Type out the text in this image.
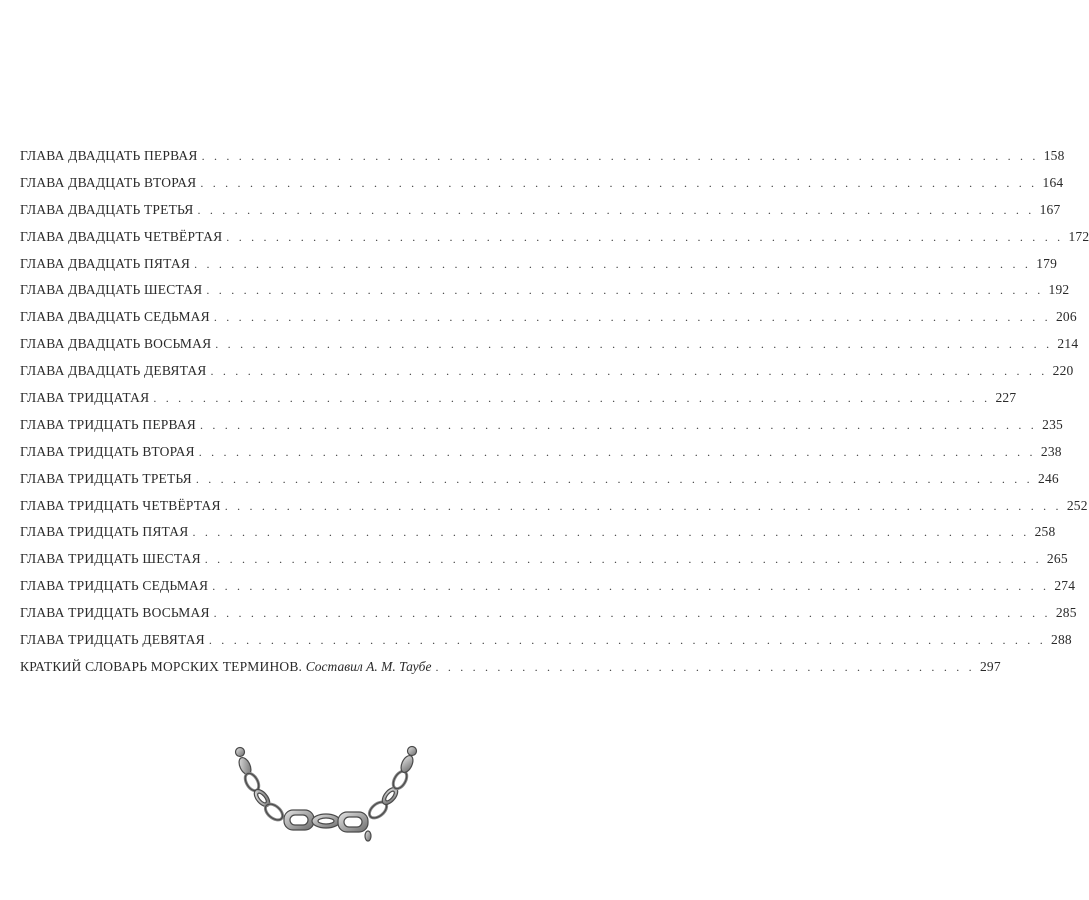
ГЛАВА ДВАДЦАТЬ ПЕРВАЯ . . . . . . . . . . . . . . . . . . . . . . . . . . . . . . . . . . . . . . . . . . . . . . . . . . . . . . . . . . . . . . . . . . . . 158
ГЛАВА ДВАДЦАТЬ ВТОРАЯ . . . . . . . . . . . . . . . . . . . . . . . . . . . . . . . . . . . . . . . . . . . . . . . . . . . . . . . . . . . . . . . . . . . . 164
ГЛАВА ДВАДЦАТЬ ТРЕТЬЯ . . . . . . . . . . . . . . . . . . . . . . . . . . . . . . . . . . . . . . . . . . . . . . . . . . . . . . . . . . . . . . . . . . . . 167
ГЛАВА ДВАДЦАТЬ ЧЕТВЁРТАЯ . . . . . . . . . . . . . . . . . . . . . . . . . . . . . . . . . . . . . . . . . . . . . . . . . . . . . . . . . . . . . . . . . . . . 172
ГЛАВА ДВАДЦАТЬ ПЯТАЯ . . . . . . . . . . . . . . . . . . . . . . . . . . . . . . . . . . . . . . . . . . . . . . . . . . . . . . . . . . . . . . . . . . . . 179
ГЛАВА ДВАДЦАТЬ ШЕСТАЯ . . . . . . . . . . . . . . . . . . . . . . . . . . . . . . . . . . . . . . . . . . . . . . . . . . . . . . . . . . . . . . . . . . . . 192
ГЛАВА ДВАДЦАТЬ СЕДЬМАЯ . . . . . . . . . . . . . . . . . . . . . . . . . . . . . . . . . . . . . . . . . . . . . . . . . . . . . . . . . . . . . . . . . . . . 206
ГЛАВА ДВАДЦАТЬ ВОСЬМАЯ . . . . . . . . . . . . . . . . . . . . . . . . . . . . . . . . . . . . . . . . . . . . . . . . . . . . . . . . . . . . . . . . . . . . 214
ГЛАВА ДВАДЦАТЬ ДЕВЯТАЯ . . . . . . . . . . . . . . . . . . . . . . . . . . . . . . . . . . . . . . . . . . . . . . . . . . . . . . . . . . . . . . . . . . . . 220
ГЛАВА ТРИДЦАТАЯ . . . . . . . . . . . . . . . . . . . . . . . . . . . . . . . . . . . . . . . . . . . . . . . . . . . . . . . . . . . . . . . . . . . . 227
ГЛАВА ТРИДЦАТЬ ПЕРВАЯ . . . . . . . . . . . . . . . . . . . . . . . . . . . . . . . . . . . . . . . . . . . . . . . . . . . . . . . . . . . . . . . . . . . . 235
ГЛАВА ТРИДЦАТЬ ВТОРАЯ . . . . . . . . . . . . . . . . . . . . . . . . . . . . . . . . . . . . . . . . . . . . . . . . . . . . . . . . . . . . . . . . . . . . 238
ГЛАВА ТРИДЦАТЬ ТРЕТЬЯ . . . . . . . . . . . . . . . . . . . . . . . . . . . . . . . . . . . . . . . . . . . . . . . . . . . . . . . . . . . . . . . . . . . . 246
ГЛАВА ТРИДЦАТЬ ЧЕТВЁРТАЯ . . . . . . . . . . . . . . . . . . . . . . . . . . . . . . . . . . . . . . . . . . . . . . . . . . . . . . . . . . . . . . . . . . . . 252
ГЛАВА ТРИДЦАТЬ ПЯТАЯ . . . . . . . . . . . . . . . . . . . . . . . . . . . . . . . . . . . . . . . . . . . . . . . . . . . . . . . . . . . . . . . . . . . . 258
ГЛАВА ТРИДЦАТЬ ШЕСТАЯ . . . . . . . . . . . . . . . . . . . . . . . . . . . . . . . . . . . . . . . . . . . . . . . . . . . . . . . . . . . . . . . . . . . . 265
ГЛАВА ТРИДЦАТЬ СЕДЬМАЯ . . . . . . . . . . . . . . . . . . . . . . . . . . . . . . . . . . . . . . . . . . . . . . . . . . . . . . . . . . . . . . . . . . . . 274
ГЛАВА ТРИДЦАТЬ ВОСЬМАЯ . . . . . . . . . . . . . . . . . . . . . . . . . . . . . . . . . . . . . . . . . . . . . . . . . . . . . . . . . . . . . . . . . . . . 285
ГЛАВА ТРИДЦАТЬ ДЕВЯТАЯ . . . . . . . . . . . . . . . . . . . . . . . . . . . . . . . . . . . . . . . . . . . . . . . . . . . . . . . . . . . . . . . . . . . . 288
КРАТКИЙ СЛОВАРЬ МОРСКИХ ТЕРМИНОВ. Составил А. М. Таубе . . . . . . . . . . . . . . . . . . . . . . . . . . . . . . . . . . . . . . . . . . . . 297
